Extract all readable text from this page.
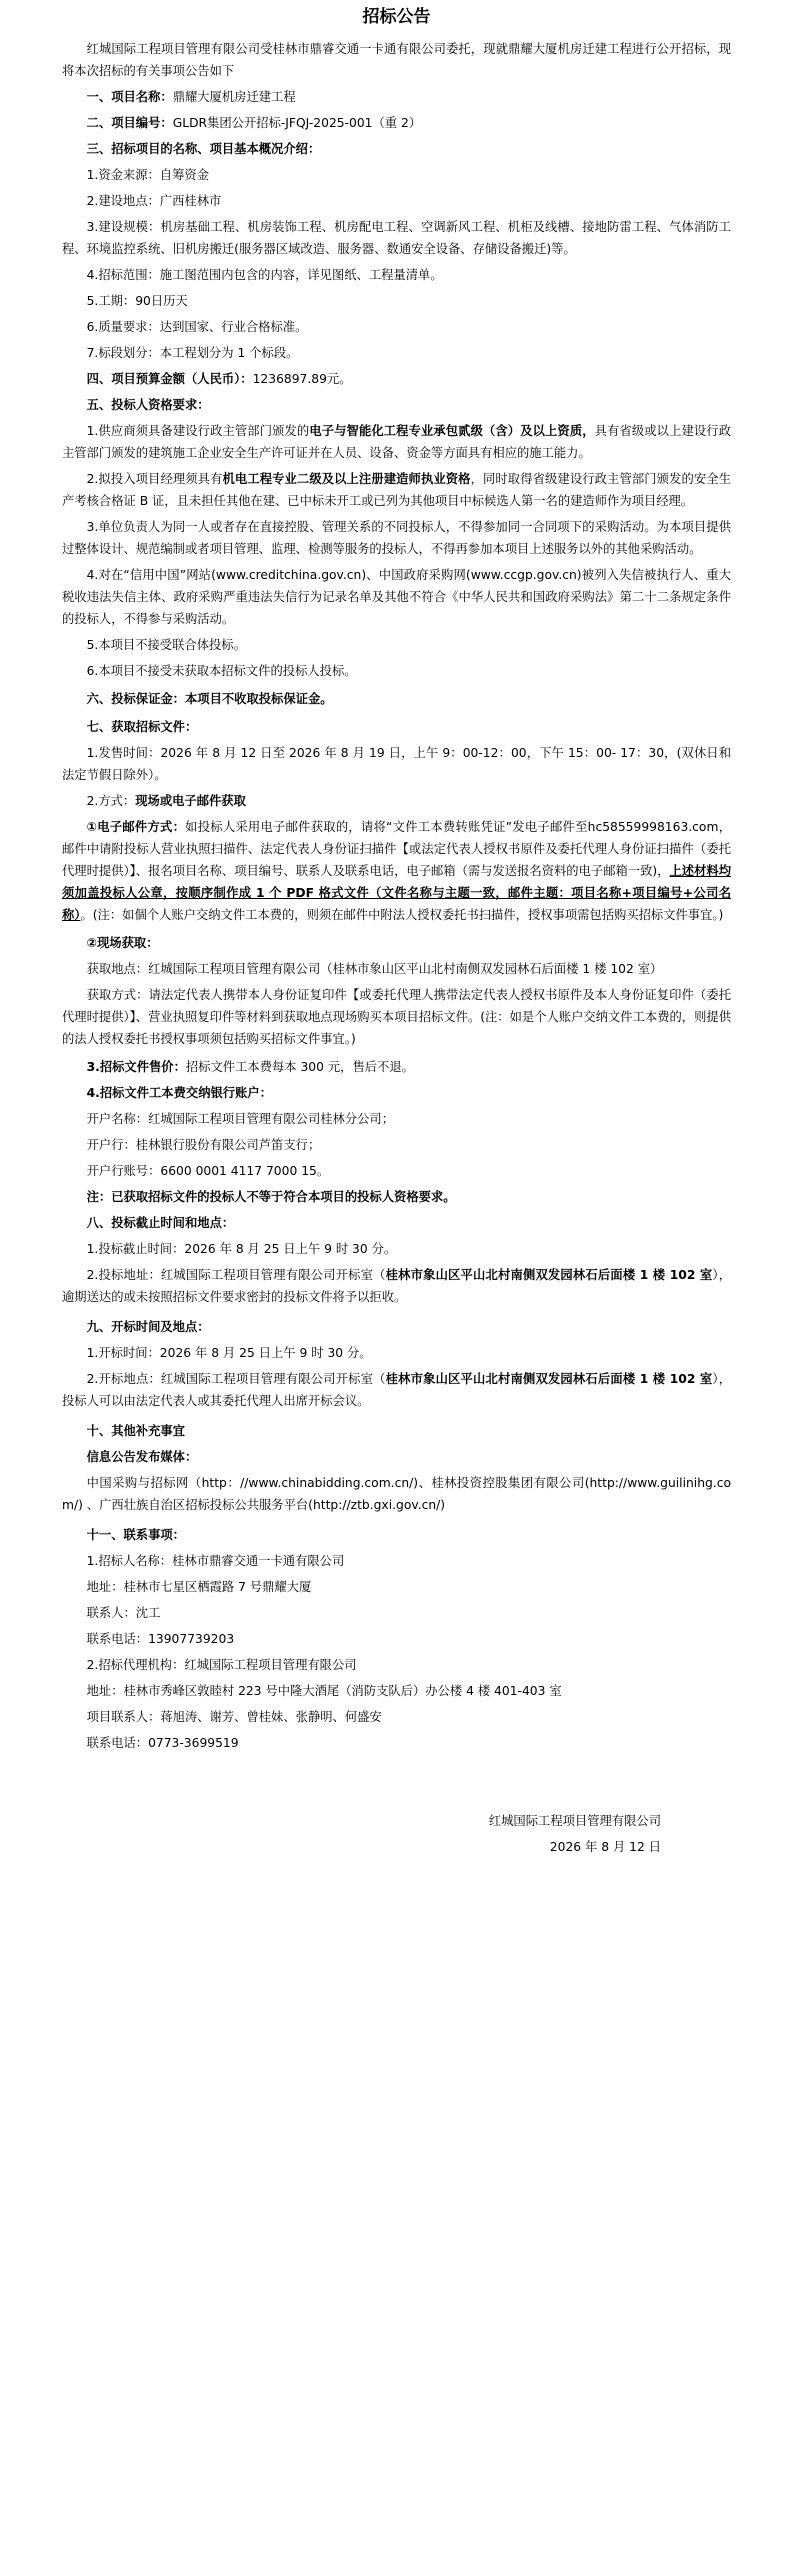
招标公告

红城国际工程项目管理有限公司受桂林市鼎睿交通一卡通有限公司委托，现就鼎耀大厦机房迁建工程进行公开招标，现将本次招标的有关事项公告如下

一、项目名称：鼎耀大厦机房迁建工程

二、项目编号：GLDR集团公开招标-JFQJ-2025-001（重 2）

三、招标项目的名称、项目基本概况介绍：

1.资金来源：自筹资金

2.建设地点：广西桂林市

3.建设规模：机房基础工程、机房装饰工程、机房配电工程、空调新风工程、机柜及线槽、接地防雷工程、气体消防工程、环境监控系统、旧机房搬迁(服务器区域改造、服务器、数通安全设备、存储设备搬迁)等。

4.招标范围：施工图范围内包含的内容，详见图纸、工程量清单。

5.工期：90日历天

6.质量要求：达到国家、行业合格标准。

7.标段划分：本工程划分为 1 个标段。

四、项目预算金额（人民币）：1236897.89元。

五、投标人资格要求：

1.供应商须具备建设行政主管部门颁发的电子与智能化工程专业承包贰级（含）及以上资质，具有省级或以上建设行政主管部门颁发的建筑施工企业安全生产许可证并在人员、设备、资金等方面具有相应的施工能力。

2.拟投入项目经理须具有机电工程专业二级及以上注册建造师执业资格，同时取得省级建设行政主管部门颁发的安全生产考核合格证 B 证，且未担任其他在建、已中标未开工或已列为其他项目中标候选人第一名的建造师作为项目经理。

3.单位负责人为同一人或者存在直接控股、管理关系的不同投标人，不得参加同一合同项下的采购活动。为本项目提供过整体设计、规范编制或者项目管理、监理、检测等服务的投标人，不得再参加本项目上述服务以外的其他采购活动。

4.对在“信用中国”网站(www.creditchina.gov.cn)、中国政府采购网(www.ccgp.gov.cn)被列入失信被执行人、重大税收违法失信主体、政府采购严重违法失信行为记录名单及其他不符合《中华人民共和国政府采购法》第二十二条规定条件的投标人，不得参与采购活动。

5.本项目不接受联合体投标。

6.本项目不接受未获取本招标文件的投标人投标。

六、投标保证金：本项目不收取投标保证金。

七、获取招标文件：

1.发售时间：2026 年 8 月 12 日至 2026 年 8 月 19 日，上午 9：00-12：00，下午 15：00- 17：30，(双休日和法定节假日除外）。

2.方式：现场或电子邮件获取

①电子邮件方式：如投标人采用电子邮件获取的，请将“文件工本费转账凭证”发电子邮件至hc58559998163.com，邮件中请附投标人营业执照扫描件、法定代表人身份证扫描件【或法定代表人授权书原件及委托代理人身份证扫描件（委托代理时提供）】、报名项目名称、项目编号、联系人及联系电话，电子邮箱（需与发送报名资料的电子邮箱一致)，上述材料均须加盖投标人公章，按顺序制作成 1 个 PDF 格式文件（文件名称与主题一致，邮件主题：项目名称+项目编号+公司名称）。(注：如個个人账户交纳文件工本费的，则须在邮件中附法人授权委托书扫描件，授权事项需包括购买招标文件事宜。)

②现场获取：

获取地点：红城国际工程项目管理有限公司（桂林市象山区平山北村南侧双发园林石后面楼 1 楼 102 室）

获取方式：请法定代表人携带本人身份证复印件【或委托代理人携带法定代表人授权书原件及本人身份证复印件（委托代理时提供）】、营业执照复印件等材料到获取地点现场购买本项目招标文件。(注：如是个人账户交纳文件工本费的，则提供的法人授权委托书授权事项须包括购买招标文件事宜。)

3.招标文件售价：招标文件工本费每本 300 元，售后不退。

4.招标文件工本费交纳银行账户：

开户名称：红城国际工程项目管理有限公司桂林分公司；

开户行：桂林银行股份有限公司芦笛支行；

开户行账号：6600 0001 4117 7000 15。

注：已获取招标文件的投标人不等于符合本项目的投标人资格要求。

八、投标截止时间和地点：

1.投标截止时间：2026 年 8 月 25 日上午 9 时 30 分。

2.投标地址：红城国际工程项目管理有限公司开标室（桂林市象山区平山北村南侧双发园林石后面楼 1 楼 102 室），逾期送达的或未按照招标文件要求密封的投标文件将予以拒收。

九、开标时间及地点：

1.开标时间：2026 年 8 月 25 日上午 9 时 30 分。

2.开标地点：红城国际工程项目管理有限公司开标室（桂林市象山区平山北村南侧双发园林石后面楼 1 楼 102 室），投标人可以由法定代表人或其委托代理人出席开标会议。

十、其他补充事宜

信息公告发布媒体：

中国采购与招标网（http：//www.chinabidding.com.cn/)、桂林投资控股集团有限公司(http://www.guilinihg.com/) 、广西壮族自治区招标投标公共服务平台(http://ztb.gxi.gov.cn/)

十一、联系事项：

1.招标人名称：桂林市鼎睿交通一卡通有限公司

地址：桂林市七星区栖霞路 7 号鼎耀大厦

联系人：沈工

联系电话：13907739203

2.招标代理机构：红城国际工程项目管理有限公司

地址：桂林市秀峰区敦睦村 223 号中隆大酒尾（消防支队后）办公楼 4 楼 401-403 室

项目联系人：蒋旭涛、谢芳、曾桂妹、张静明、何盛安

联系电话：0773-3699519

红城国际工程项目管理有限公司

2026 年 8 月 12 日
